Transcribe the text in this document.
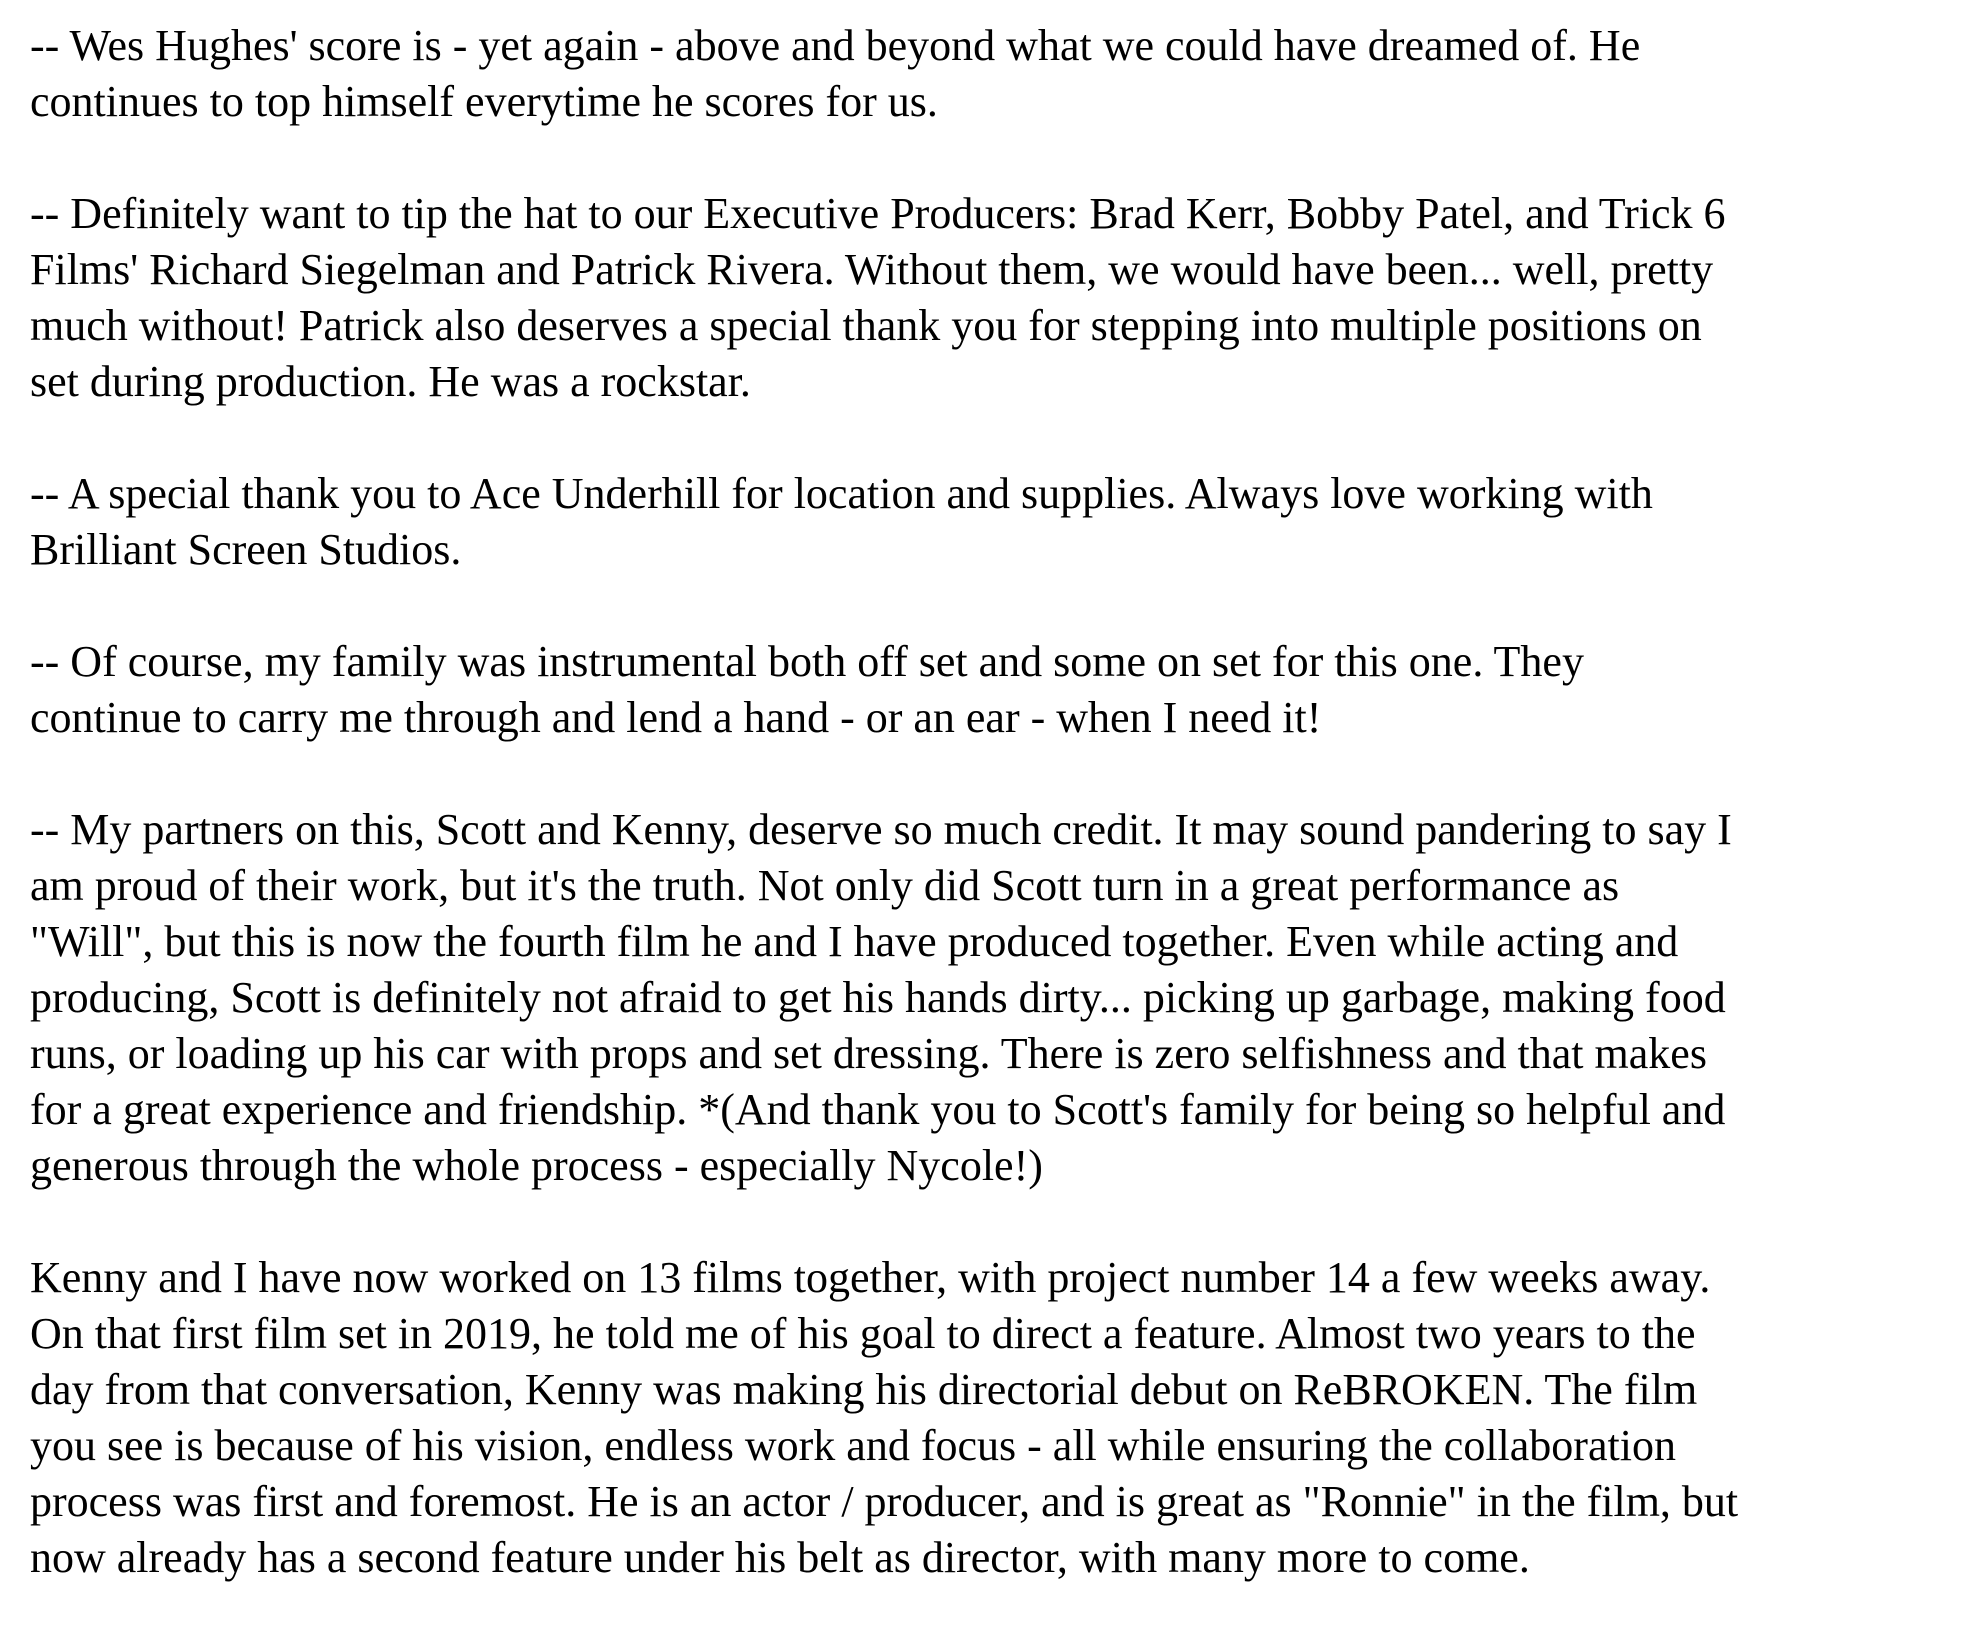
-- Wes Hughes' score is - yet again - above and beyond what we could have dreamed of. He
continues to top himself everytime he scores for us.
-- Definitely want to tip the hat to our Executive Producers: Brad Kerr, Bobby Patel, and Trick 6
Films' Richard Siegelman and Patrick Rivera. Without them, we would have been... well, pretty
much without! Patrick also deserves a special thank you for stepping into multiple positions on
set during production. He was a rockstar.
-- A special thank you to Ace Underhill for location and supplies. Always love working with
Brilliant Screen Studios.
-- Of course, my family was instrumental both off set and some on set for this one. They
continue to carry me through and lend a hand - or an ear - when I need it!
-- My partners on this, Scott and Kenny, deserve so much credit. It may sound pandering to say I
am proud of their work, but it's the truth. Not only did Scott turn in a great performance as
"Will", but this is now the fourth film he and I have produced together. Even while acting and
producing, Scott is definitely not afraid to get his hands dirty... picking up garbage, making food
runs, or loading up his car with props and set dressing. There is zero selfishness and that makes
for a great experience and friendship. *(And thank you to Scott's family for being so helpful and
generous through the whole process - especially Nycole!)
Kenny and I have now worked on 13 films together, with project number 14 a few weeks away.
On that first film set in 2019, he told me of his goal to direct a feature. Almost two years to the
day from that conversation, Kenny was making his directorial debut on ReBROKEN. The film
you see is because of his vision, endless work and focus - all while ensuring the collaboration
process was first and foremost. He is an actor / producer, and is great as "Ronnie" in the film, but
now already has a second feature under his belt as director, with many more to come.
